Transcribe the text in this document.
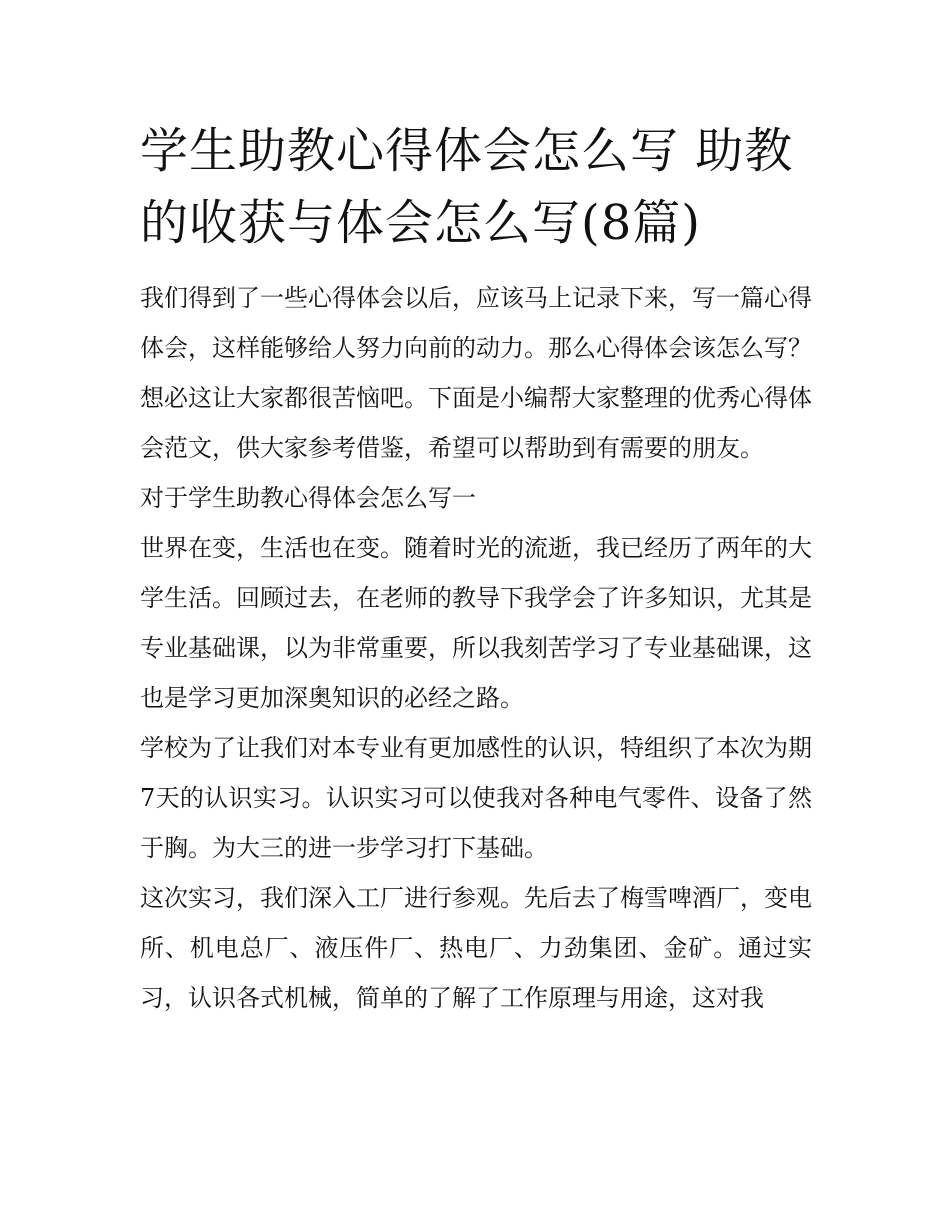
学生助教心得体会怎么写 助教的收获与体会怎么写(8篇)

我们得到了一些心得体会以后，应该马上记录下来，写一篇心得体会，这样能够给人努力向前的动力。那么心得体会该怎么写？想必这让大家都很苦恼吧。下面是小编帮大家整理的优秀心得体会范文，供大家参考借鉴，希望可以帮助到有需要的朋友。

对于学生助教心得体会怎么写一

世界在变，生活也在变。随着时光的流逝，我已经历了两年的大学生活。回顾过去，在老师的教导下我学会了许多知识，尤其是专业基础课，以为非常重要，所以我刻苦学习了专业基础课，这也是学习更加深奥知识的必经之路。

学校为了让我们对本专业有更加感性的认识，特组织了本次为期7天的认识实习。认识实习可以使我对各种电气零件、设备了然于胸。为大三的进一步学习打下基础。

这次实习，我们深入工厂进行参观。先后去了梅雪啤酒厂，变电所、机电总厂、液压件厂、热电厂、力劲集团、金矿。通过实习，认识各式机械，简单的了解了工作原理与用途，这对我
